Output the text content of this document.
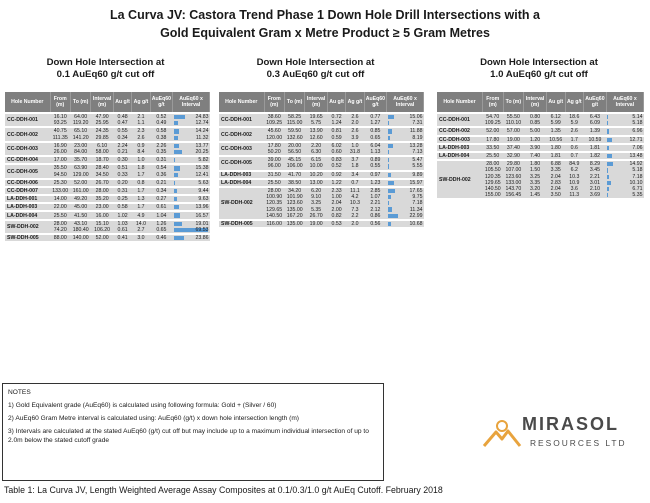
La Curva JV: Castora Trend Phase 1 Down Hole Drill Intersections with a
Gold Equivalent Gram x Metre Product ≥ 5 Gram Metres
Down Hole Intersection at
0.1 AuEq60 g/t cut off
Down Hole Intersection at
0.3 AuEq60 g/t cut off
Down Hole Intersection at
1.0 AuEq60 g/t cut off
Hole Number	From (m)	To (m)	Interval (m)	Au g/t	Ag g/t	AuEq60 g/t	AuEq60 x Interval

CC-DDH-001	16.10	64.00	47.90	0.48	2.1	0.52	24.83
	93.25	119.20	25.95	0.47	1.1	0.49	12.74

CC-DDH-002	40.75	65.10	24.35	0.55	2.3	0.58	14.24
	111.35	141.20	29.85	0.34	2.6	0.38	11.32

CC-DDH-003	16.90	23.00	6.10	2.24	0.9	2.26	13.77
	26.00	84.00	58.00	0.21	8.4	0.35	20.25

CC-DDH-004	17.00	35.70	18.70	0.30	1.0	0.31	5.82

CC-DDH-005	35.50	63.90	28.40	0.51	1.8	0.54	15.38
	94.50	129.00	34.50	0.33	1.7	0.36	12.41

CC-DDH-006	25.30	52.00	26.70	0.20	0.8	0.21	5.63

CC-DDH-007	133.00	161.00	28.00	0.31	1.7	0.34	9.44

LA-DDH-001	14.00	49.20	35.20	0.25	1.3	0.27	9.63

LA-DDH-003	22.00	45.00	23.00	0.58	1.7	0.61	13.96

LA-DDH-004	25.50	41.50	16.00	1.02	4.9	1.04	16.57

SW-DDH-002	28.00	43.10	15.10	1.03	14.0	1.26	19.01
	74.20	180.40	106.20	0.61	2.7	0.65	69.53

SW-DDH-005	88.00	140.00	52.00	0.41	3.0	0.46	23.86
Hole Number	From (m)	To (m)	Interval (m)	Au g/t	Ag g/t	AuEq60 g/t	AuEq60 x Interval

CC-DDH-001	38.60	58.25	19.65	0.72	2.6	0.77	15.06
	109.25	115.00	5.75	1.24	2.0	1.27	7.31

CC-DDH-002	45.60	59.50	13.90	0.81	2.6	0.85	11.88
	120.00	132.60	12.60	0.59	3.9	0.65	8.19

CC-DDH-003	17.80	20.00	2.20	6.02	1.0	6.04	13.28
	50.20	56.50	6.30	0.60	31.8	1.13	7.13

CC-DDH-005	39.00	45.15	6.15	0.83	3.7	0.89	5.47
	96.00	106.00	10.00	0.52	1.8	0.55	5.55

LA-DDH-003	31.50	41.70	10.20	0.92	3.4	0.97	9.89

LA-DDH-004	25.50	38.50	13.00	1.22	0.7	1.23	15.97

SW-DDH-002	28.00	34.20	6.20	2.33	11.1	2.85	17.65
	100.90	101.90	9.10	1.00	4.2	1.07	9.75
	120.35	123.60	3.25	2.04	10.3	2.21	7.18
	129.65	135.00	5.35	2.00	7.3	2.12	11.34
	140.50	167.20	26.70	0.82	2.2	0.86	22.99

SW-DDH-005	116.00	135.00	19.00	0.53	2.0	0.56	10.68
Hole Number	From (m)	To (m)	Interval (m)	Au g/t	Ag g/t	AuEq60 g/t	AuEq60 x Interval

CC-DDH-001	54.70	55.50	0.80	6.12	18.6	6.43	5.14
	109.25	110.10	0.85	5.99	5.9	6.09	5.18

CC-DDH-002	52.00	57.00	5.00	1.35	2.6	1.39	6.96

CC-DDH-003	17.80	19.00	1.20	10.56	1.7	10.59	12.71

LA-DDH-003	33.50	37.40	3.90	1.80	0.6	1.81	7.06

LA-DDH-004	25.50	32.90	7.40	1.81	0.7	1.82	13.48

SW-DDH-002	28.00	29.80	1.80	6.88	84.9	8.29	14.92
	105.50	107.00	1.50	3.35	6.2	3.45	5.18
	120.35	123.60	3.25	2.04	10.3	2.21	7.18
	129.65	133.00	3.35	2.83	10.9	3.01	10.10
	140.50	143.70	3.20	2.04	3.6	2.10	6.71
	155.00	156.45	1.45	3.50	11.3	3.69	5.35

NOTES

1) Gold Equivalent grade (AuEq60) is calculated using following formula: Gold + (Silver / 60)

2) AuEq60 Gram Metre interval is calculated using: AuEq60 (g/t) x down hole intersection length (m)

3) Intervals are calculated at the stated AuEq60 (g/t) cut off but may include up to a maximum individual intersection of up to 2.0m below the stated cutoff grade

MIRASOL
RESOURCES LTD
Table 1: La Curva JV, Length Weighted Average Assay Composites at 0.1/0.3/1.0 g/t AuEq Cutoff. February 2018
